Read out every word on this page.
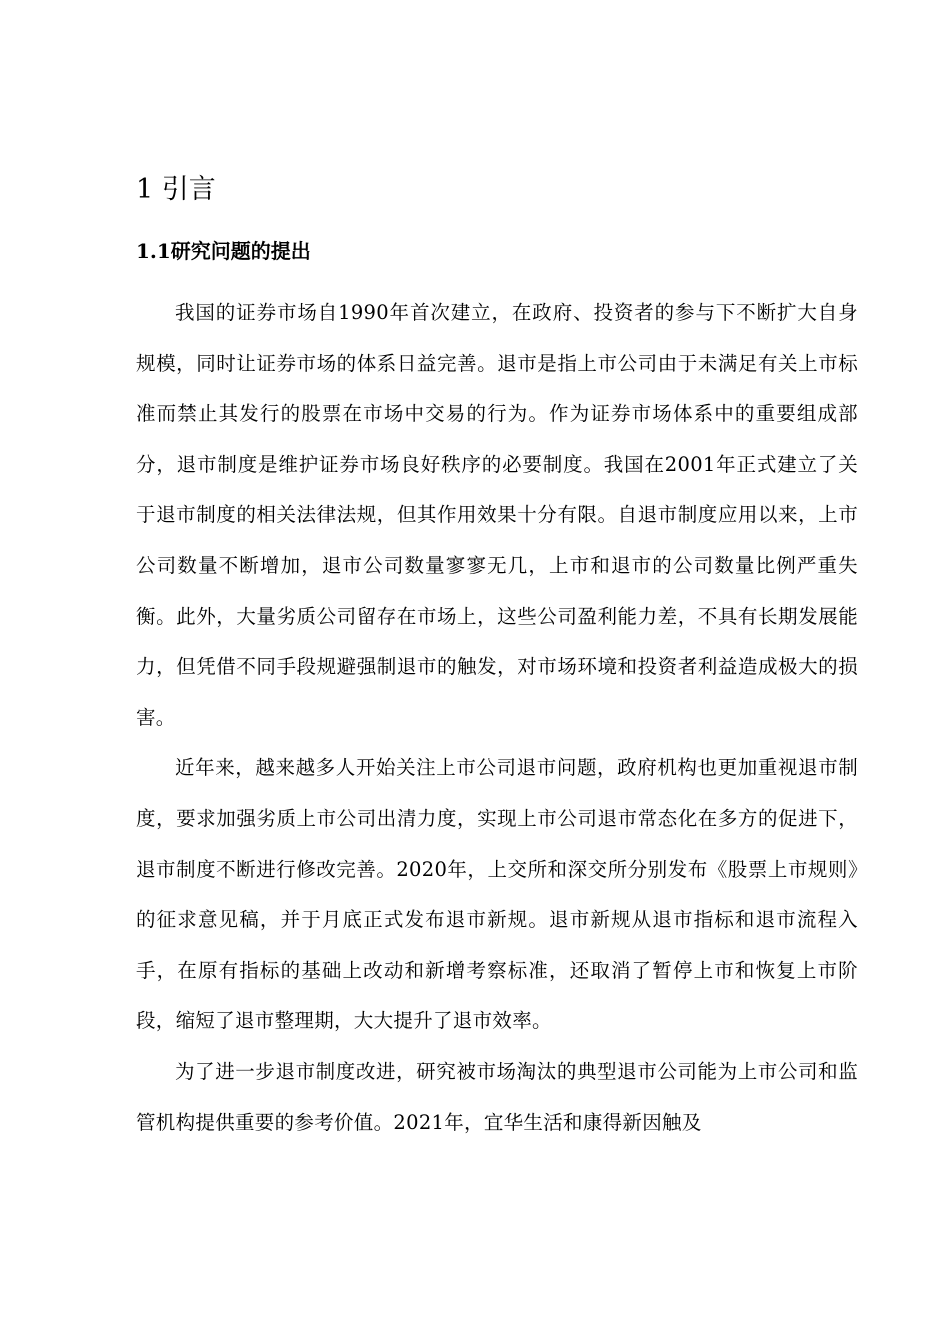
1 引言
1.1研究问题的提出

我国的证券市场自1990年首次建立，在政府、投资者的参与下不断扩大自身规模，同时让证券市场的体系日益完善。退市是指上市公司由于未满足有关上市标准而禁止其发行的股票在市场中交易的行为。作为证券市场体系中的重要组成部分，退市制度是维护证券市场良好秩序的必要制度。我国在2001年正式建立了关于退市制度的相关法律法规，但其作用效果十分有限。自退市制度应用以来，上市公司数量不断增加，退市公司数量寥寥无几，上市和退市的公司数量比例严重失衡。此外，大量劣质公司留存在市场上，这些公司盈利能力差，不具有长期发展能力，但凭借不同手段规避强制退市的触发，对市场环境和投资者利益造成极大的损害。

近年来，越来越多人开始关注上市公司退市问题，政府机构也更加重视退市制度，要求加强劣质上市公司出清力度，实现上市公司退市常态化在多方的促进下，退市制度不断进行修改完善。2020年，上交所和深交所分别发布《股票上市规则》的征求意见稿，并于月底正式发布退市新规。退市新规从退市指标和退市流程入手，在原有指标的基础上改动和新增考察标准，还取消了暂停上市和恢复上市阶段，缩短了退市整理期，大大提升了退市效率。

为了进一步退市制度改进，研究被市场淘汰的典型退市公司能为上市公司和监管机构提供重要的参考价值。2021年，宜华生活和康得新因触及
